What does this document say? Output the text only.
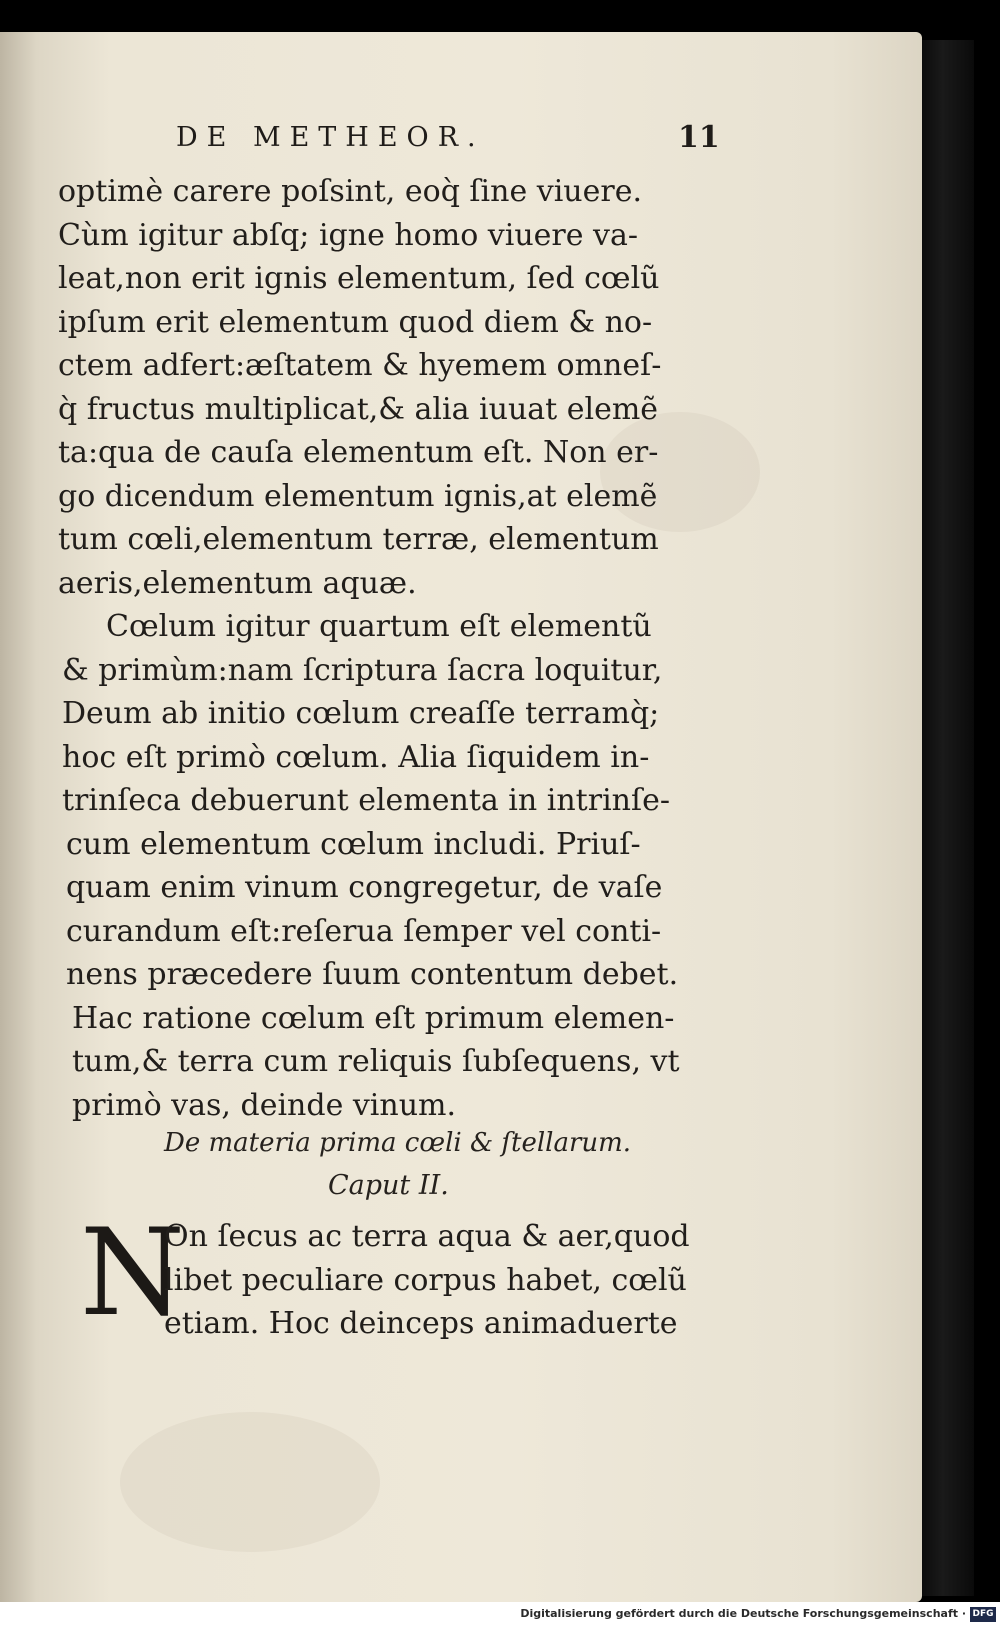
DE METHEOR.	11
optimè carere poſsint, eoq̀ ſine viuere.
Cùm igitur abſq; igne homo viuere va-
leat,non erit ignis elementum, ſed cœlũ
ipſum erit elementum quod diem & no-
ctem adfert:æſtatem & hyemem omneſ-
q̀ fructus multiplicat,& alia iuuat elemẽ
ta:qua de cauſa elementum eſt. Non er-
go dicendum elementum ignis,at elemẽ
tum cœli,elementum terræ, elementum
aeris,elementum aquæ.
Cœlum igitur quartum eſt elementũ
& primùm:nam ſcriptura ſacra loquitur,
Deum ab initio cœlum creaſſe terramq̀;
hoc eſt primò cœlum. Alia ſiquidem in-
trinſeca debuerunt elementa in intrinſe-
cum elementum cœlum includi. Priuſ-
quam enim vinum congregetur, de vaſe
curandum eſt:reſerua ſemper vel conti-
nens præcedere ſuum contentum debet.
Hac ratione cœlum eſt primum elemen-
tum,& terra cum reliquis ſubſequens, vt
primò vas, deinde vinum.
De materia prima cœli & ſtellarum.
Caput II.
N
On ſecus ac terra aqua & aer,quod
libet peculiare corpus habet, cœlũ
etiam. Hoc deinceps animaduerte
Digitalisierung gefördert durch die Deutsche Forschungsgemeinschaft · DFG
